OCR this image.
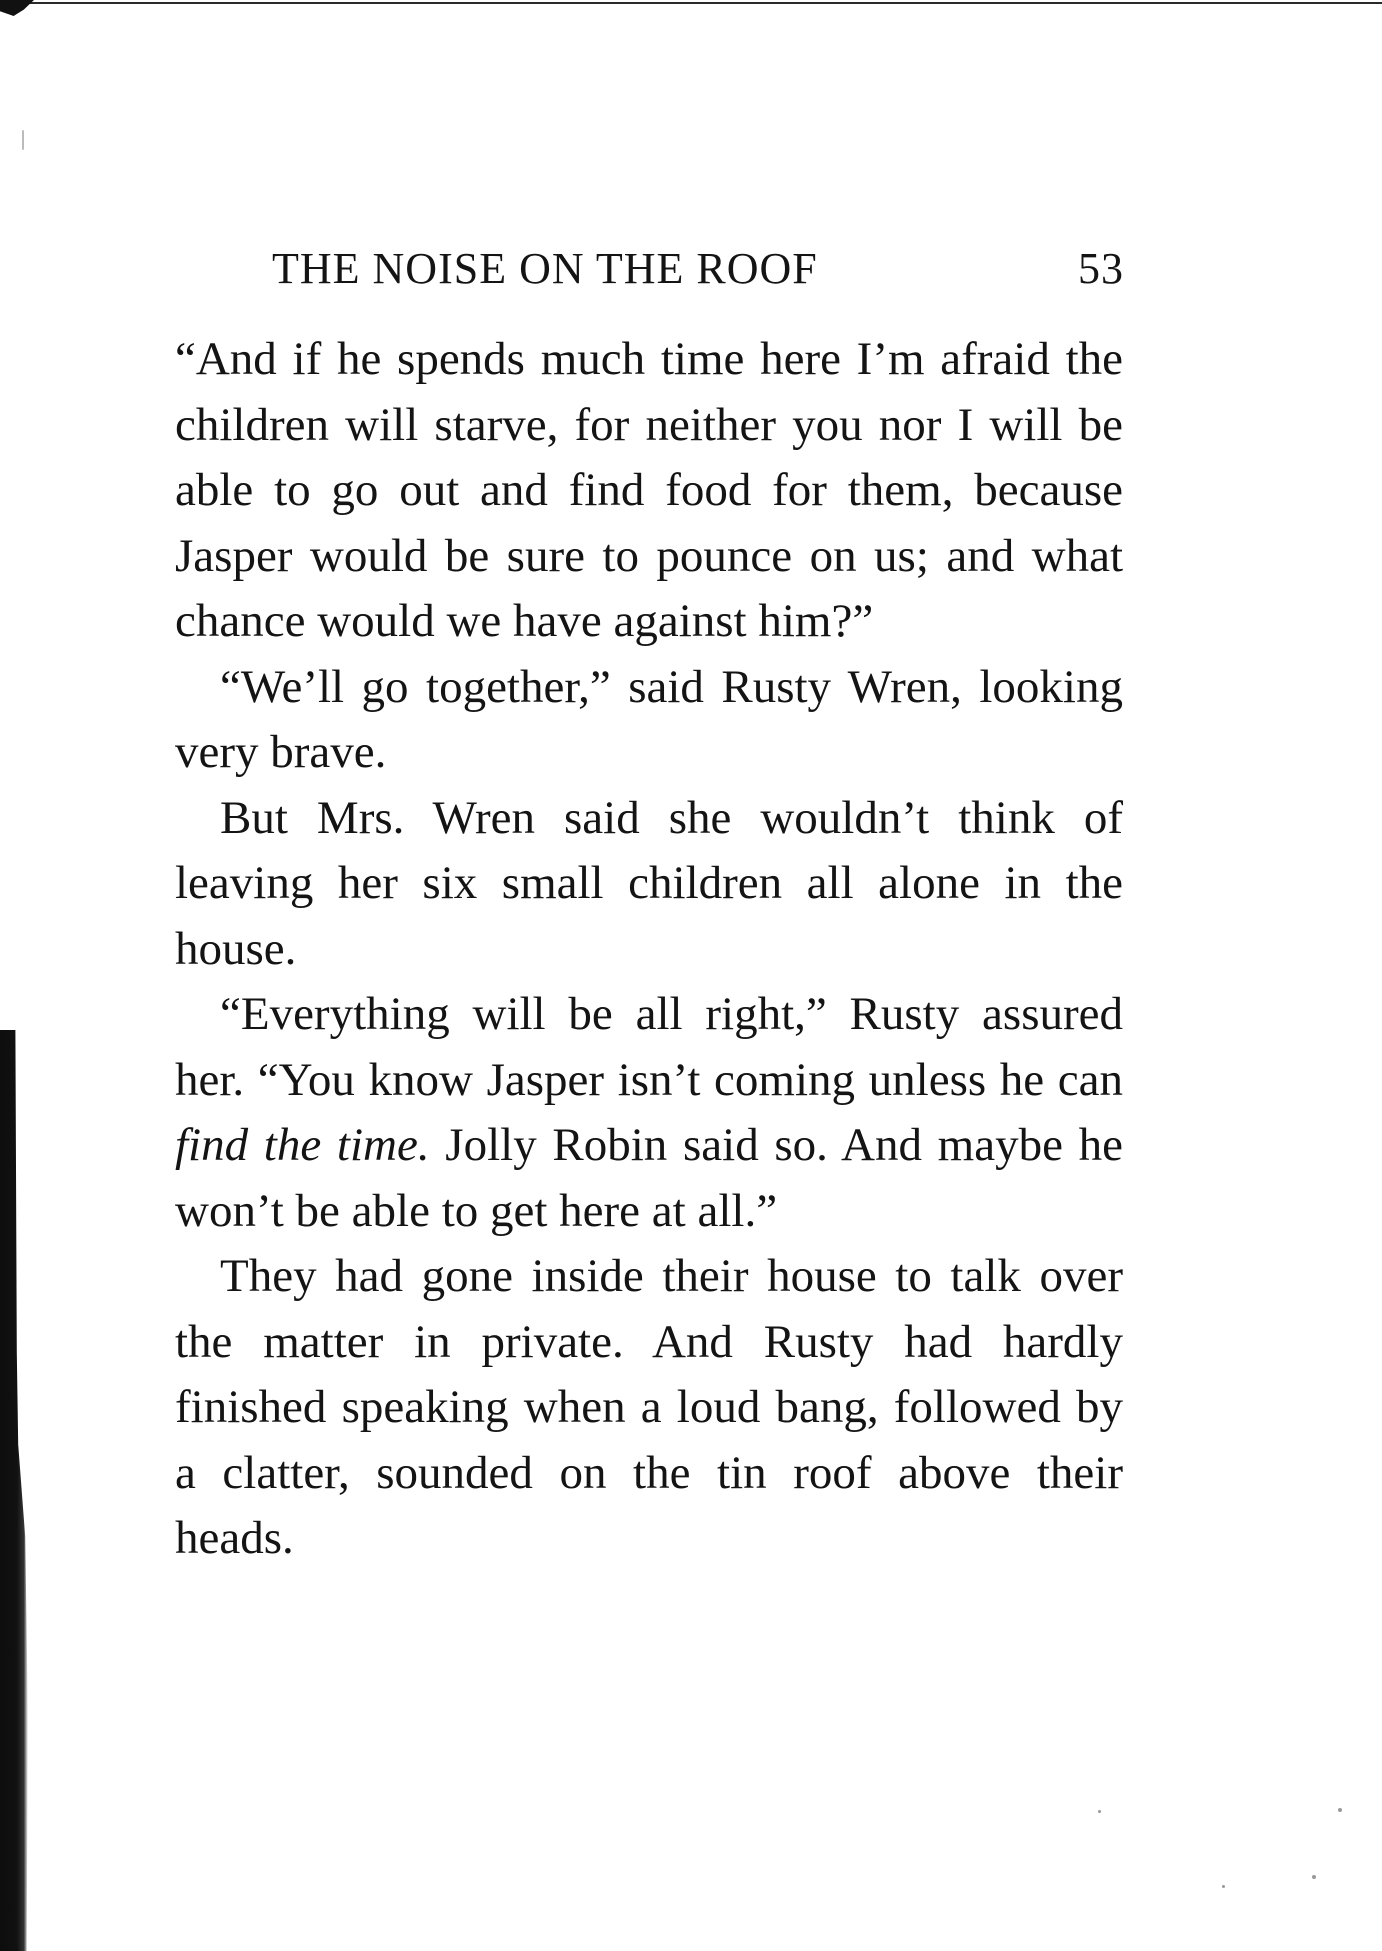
THE NOISE ON THE ROOF	53

“And if he spends much time here I’m afraid the children will starve, for neither you nor I will be able to go out and find food for them, because Jasper would be sure to pounce on us; and what chance would we have against him?”

“We’ll go together,” said Rusty Wren, looking very brave.

But Mrs. Wren said she wouldn’t think of leaving her six small children all alone in the house.

“Everything will be all right,” Rusty assured her. “You know Jasper isn’t coming unless he can find the time. Jolly Robin said so. And maybe he won’t be able to get here at all.”

They had gone inside their house to talk over the matter in private. And Rusty had hardly finished speaking when a loud bang, followed by a clatter, sounded on the tin roof above their heads.
